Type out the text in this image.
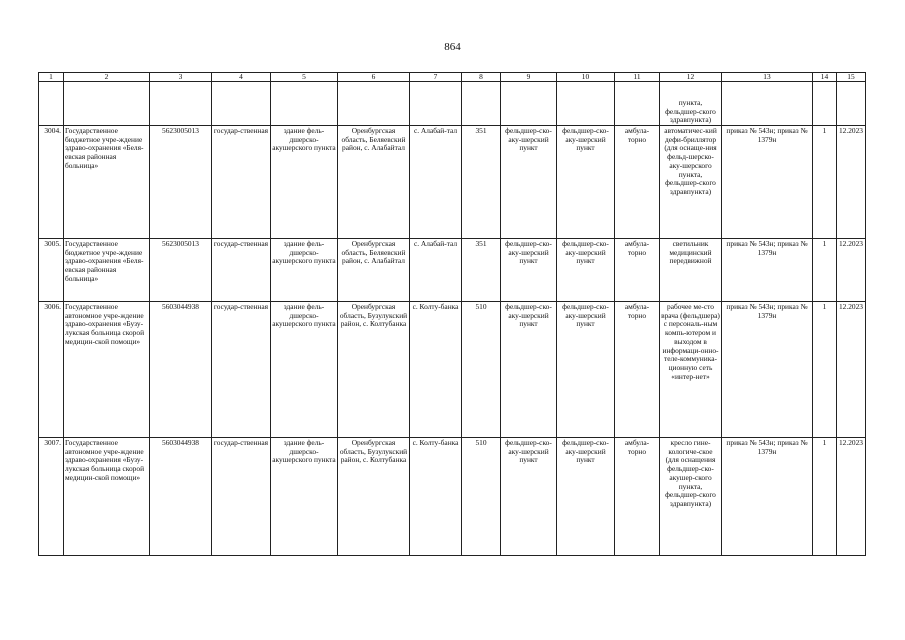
864
1	2	3	4	5	6	7	8	9	10	11	12	13	14	15
											пункта, фельдшер-ского здравпункта)			
3004.	Государственное бюджетное учре-ждение здраво-охранения «Беля-евская районная больница»	5623005013	государ-ственная	здание фель-дшерско-акушерского пункта	Оренбургская область, Беляевский район, с. Алабайтал	с. Алабай-тал	351	фельдшер-ско-аку-шерский пункт	фельдшер-ско-аку-шерский пункт	амбула-торно	автоматичес-кий дефи-бриллятор (для оснаще-ния фельд-шерско-аку-шерского пункта, фельдшер-ского здравпункта)	приказ № 543н; приказ № 1379н	1	12.2023
3005.	Государственное бюджетное учре-ждение здраво-охранения «Беля-евская районная больница»	5623005013	государ-ственная	здание фель-дшерско-акушерского пункта	Оренбургская область, Беляевский район, с. Алабайтал	с. Алабай-тал	351	фельдшер-ско-аку-шерский пункт	фельдшер-ско-аку-шерский пункт	амбула-торно	светильник медицинский передвижной	приказ № 543н; приказ № 1379н	1	12.2023
3006.	Государственное автономное учре-ждение здраво-охранения «Бузу-лукская больница скорой медицин-ской помощи»	5603044938	государ-ственная	здание фель-дшерско-акушерского пункта	Оренбургская область, Бузулукский район, с. Колтубанка	с. Колту-банка	510	фельдшер-ско-аку-шерский пункт	фельдшер-ско-аку-шерский пункт	амбула-торно	рабочее ме-сто врача (фельдшера) с персональ-ным компь-ютером и выходом в информаци-онно-теле-коммуника-ционную сеть «интер-нет»	приказ № 543н; приказ № 1379н	1	12.2023
3007.	Государственное автономное учре-ждение здраво-охранения «Бузу-лукская больница скорой медицин-ской помощи»	5603044938	государ-ственная	здание фель-дшерско-акушерского пункта	Оренбургская область, Бузулукский район, с. Колтубанка	с. Колту-банка	510	фельдшер-ско-аку-шерский пункт	фельдшер-ско-аку-шерский пункт	амбула-торно	кресло гине-кологиче-ское (для оснащения фельдшер-ско-акушер-ского пункта, фельдшер-ского здравпункта)	приказ № 543н; приказ № 1379н	1	12.2023
